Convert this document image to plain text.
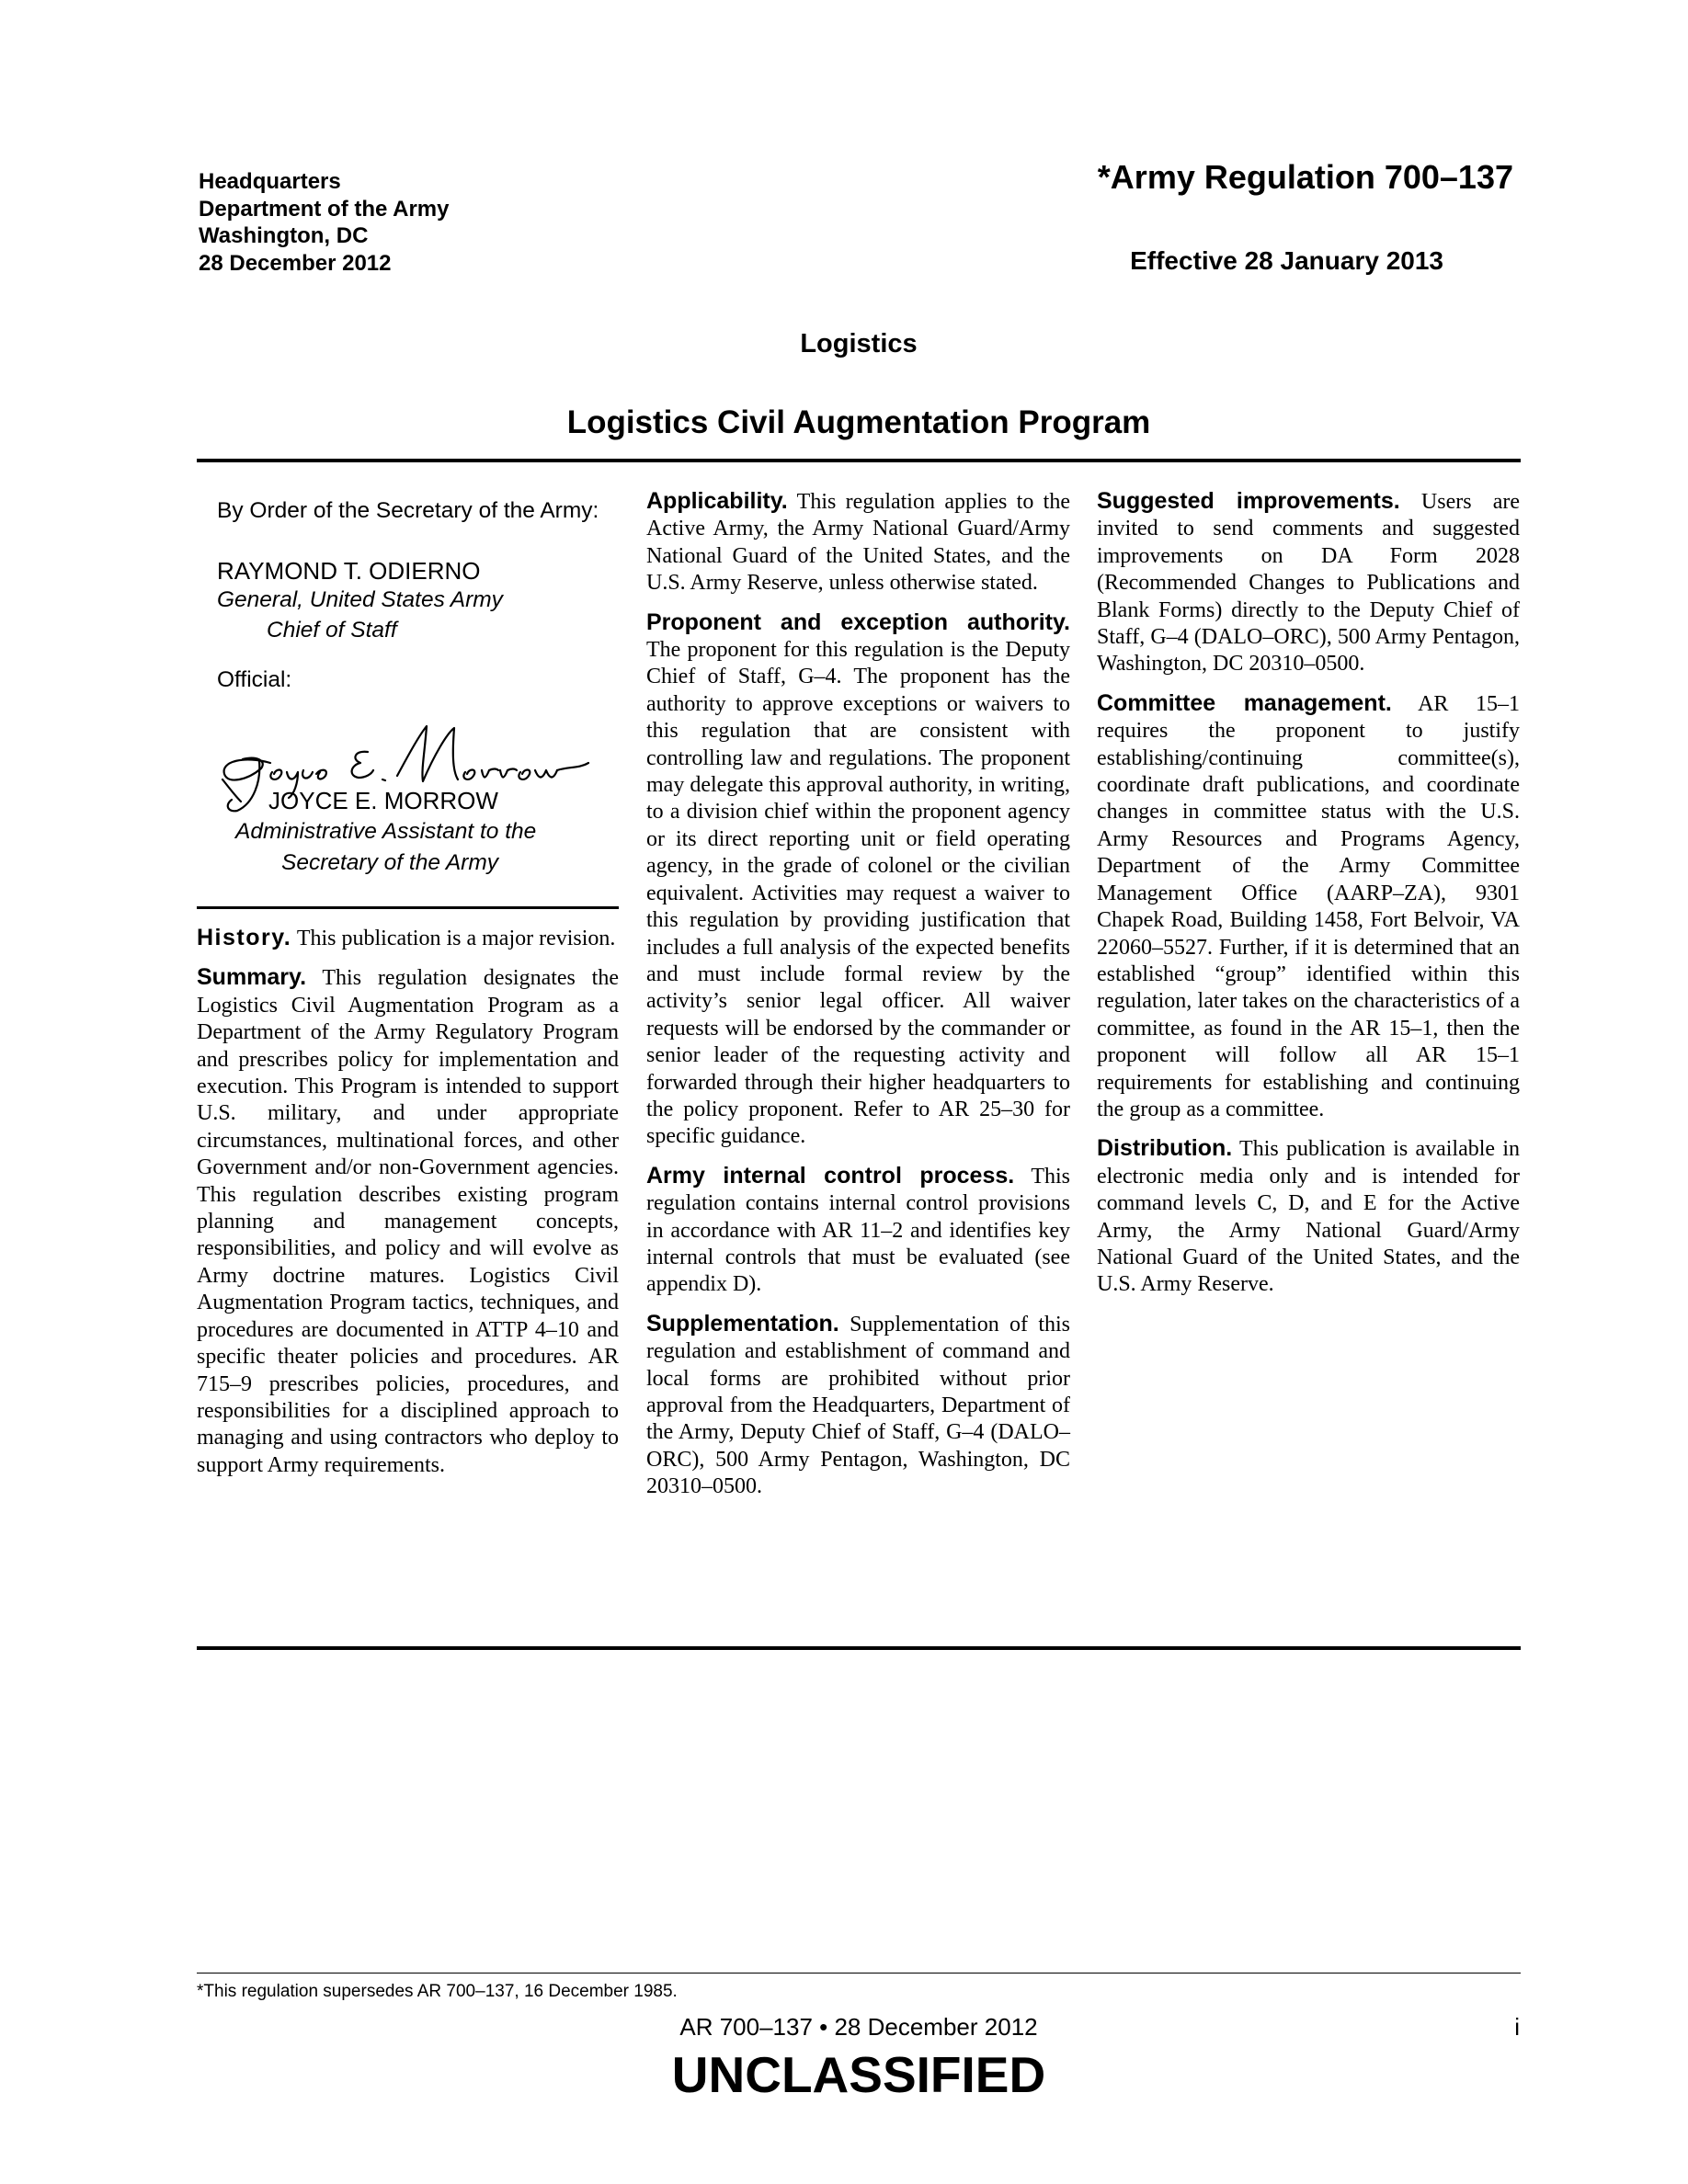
Headquarters
Department of the Army
Washington, DC
28 December 2012
*Army Regulation 700–137
Effective 28 January 2013
Logistics
Logistics Civil Augmentation Program
By Order of the Secretary of the Army:
RAYMOND T. ODIERNO
General, United States Army
Chief of Staff
Official:
JOYCE E. MORROW
Administrative Assistant to the
Secretary of the Army

History. This publication is a major revision.

Summary. This regulation designates the Logistics Civil Augmentation Program as a Department of the Army Regulatory Program and prescribes policy for implementation and execution. This Program is intended to support U.S. military, and under appropriate circumstances, multinational forces, and other Government and/or non-Government agencies. This regulation describes existing program planning and management concepts, responsibilities, and policy and will evolve as Army doctrine matures. Logistics Civil Augmentation Program tactics, techniques, and procedures are documented in ATTP 4–10 and specific theater policies and procedures. AR 715–9 prescribes policies, procedures, and responsibilities for a disciplined approach to managing and using contractors who deploy to support Army requirements.

Applicability. This regulation applies to the Active Army, the Army National Guard/Army National Guard of the United States, and the U.S. Army Reserve, unless otherwise stated.

Proponent and exception authority. The proponent for this regulation is the Deputy Chief of Staff, G–4. The proponent has the authority to approve exceptions or waivers to this regulation that are consistent with controlling law and regulations. The proponent may delegate this approval authority, in writing, to a division chief within the proponent agency or its direct reporting unit or field operating agency, in the grade of colonel or the civilian equivalent. Activities may request a waiver to this regulation by providing justification that includes a full analysis of the expected benefits and must include formal review by the activity’s senior legal officer. All waiver requests will be endorsed by the commander or senior leader of the requesting activity and forwarded through their higher headquarters to the policy proponent. Refer to AR 25–30 for specific guidance.

Army internal control process. This regulation contains internal control provisions in accordance with AR 11–2 and identifies key internal controls that must be evaluated (see appendix D).

Supplementation. Supplementation of this regulation and establishment of command and local forms are prohibited without prior approval from the Headquarters, Department of the Army, Deputy Chief of Staff, G–4 (DALO–ORC), 500 Army Pentagon, Washington, DC 20310–0500.

Suggested improvements. Users are invited to send comments and suggested improvements on DA Form 2028 (Recommended Changes to Publications and Blank Forms) directly to the Deputy Chief of Staff, G–4 (DALO–ORC), 500 Army Pentagon, Washington, DC 20310–0500.

Committee management. AR 15–1 requires the proponent to justify establishing/continuing committee(s), coordinate draft publications, and coordinate changes in committee status with the U.S. Army Resources and Programs Agency, Department of the Army Committee Management Office (AARP–ZA), 9301 Chapek Road, Building 1458, Fort Belvoir, VA 22060–5527. Further, if it is determined that an established “group” identified within this regulation, later takes on the characteristics of a committee, as found in the AR 15–1, then the proponent will follow all AR 15–1 requirements for establishing and continuing the group as a committee.

Distribution. This publication is available in electronic media only and is intended for command levels C, D, and E for the Active Army, the Army National Guard/Army National Guard of the United States, and the U.S. Army Reserve.

*This regulation supersedes AR 700–137, 16 December 1985.
AR 700–137 • 28 December 2012	i
UNCLASSIFIED
